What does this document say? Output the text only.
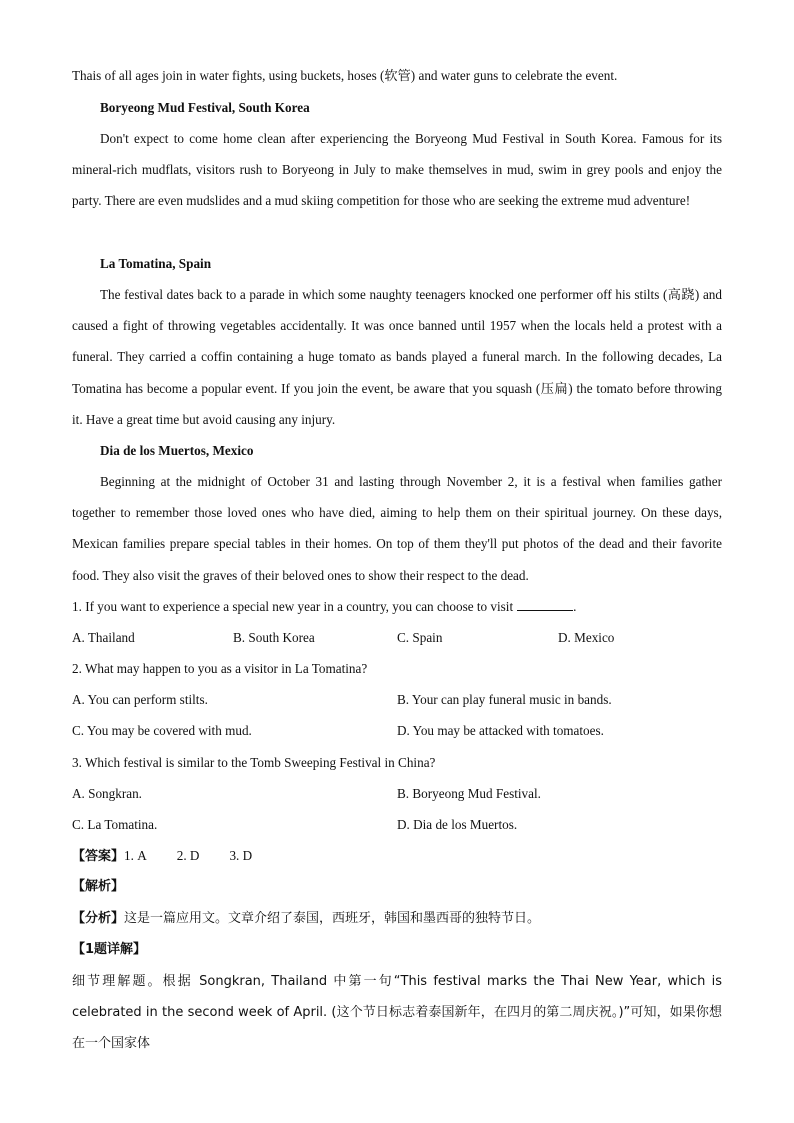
Thais of all ages join in water fights, using buckets, hoses (软管) and water guns to celebrate the event.
Boryeong Mud Festival, South Korea
Don't expect to come home clean after experiencing the Boryeong Mud Festival in South Korea. Famous for its mineral-rich mudflats, visitors rush to Boryeong in July to make themselves in mud, swim in grey pools and enjoy the party. There are even mudslides and a mud skiing competition for those who are seeking the extreme mud adventure!
La Tomatina, Spain
The festival dates back to a parade in which some naughty teenagers knocked one performer off his stilts (高跷) and caused a fight of throwing vegetables accidentally. It was once banned until 1957 when the locals held a protest with a funeral. They carried a coffin containing a huge tomato as bands played a funeral march. In the following decades, La Tomatina has become a popular event. If you join the event, be aware that you squash (压扁) the tomato before throwing it. Have a great time but avoid causing any injury.
Dia de los Muertos, Mexico
Beginning at the midnight of October 31 and lasting through November 2, it is a festival when families gather together to remember those loved ones who have died, aiming to help them on their spiritual journey. On these days, Mexican families prepare special tables in their homes. On top of them they'll put photos of the dead and their favorite food. They also visit the graves of their beloved ones to show their respect to the dead.
1. If you want to experience a special new year in a country, you can choose to visit	.
A. Thailand	B. South Korea	C. Spain	D. Mexico
2. What may happen to you as a visitor in La Tomatina?
A. You can perform stilts.	B. Your can play funeral music in bands.
C. You may be covered with mud.	D. You may be attacked with tomatoes.
3. Which festival is similar to the Tomb Sweeping Festival in China?
A. Songkran.	B. Boryeong Mud Festival.
C. La Tomatina.	D. Dia de los Muertos.
【答案】1. A 2. D 3. D
【解析】
【分析】这是一篇应用文。文章介绍了泰国，西班牙，韩国和墨西哥的独特节日。
【1题详解】
细节理解题。根据 Songkran, Thailand 中第一句“This festival marks the Thai New Year, which is celebrated in the second week of April. (这个节日标志着泰国新年，在四月的第二周庆祝。)”可知，如果你想在一个国家体
